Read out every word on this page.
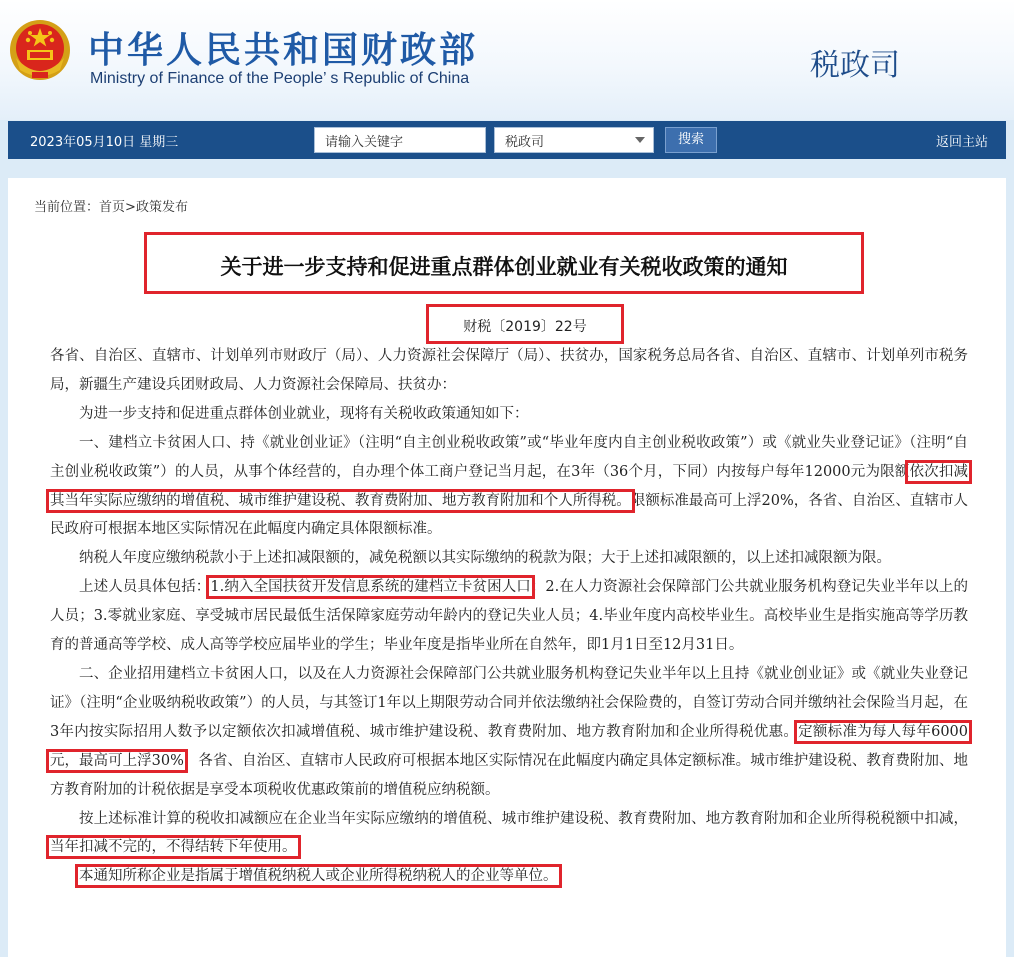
中华人民共和国财政部
Ministry of Finance of the People’ s Republic of China	税政司
2023年05月10日 星期三	请输入关键字	税政司	搜索	返回主站
当前位置：首页>政策发布
关于进一步支持和促进重点群体创业就业有关税收政策的通知
财税〔2019〕22号

各省、自治区、直辖市、计划单列市财政厅（局）、人力资源社会保障厅（局）、扶贫办，国家税务总局各省、自治区、直辖市、计划单列市税务局，新疆生产建设兵团财政局、人力资源社会保障局、扶贫办：

为进一步支持和促进重点群体创业就业，现将有关税收政策通知如下：

一、建档立卡贫困人口、持《就业创业证》（注明“自主创业税收政策”或“毕业年度内自主创业税收政策”）或《就业失业登记证》（注明“自主创业税收政策”）的人员，从事个体经营的，自办理个体工商户登记当月起，在3年（36个月，下同）内按每户每年12000元为限额依次扣减其当年实际应缴纳的增值税、城市维护建设税、教育费附加、地方教育附加和个人所得税。限额标准最高可上浮20%，各省、自治区、直辖市人民政府可根据本地区实际情况在此幅度内确定具体限额标准。

纳税人年度应缴纳税款小于上述扣减限额的，减免税额以其实际缴纳的税款为限；大于上述扣减限额的，以上述扣减限额为限。

上述人员具体包括：1.纳入全国扶贫开发信息系统的建档立卡贫困人口；2.在人力资源社会保障部门公共就业服务机构登记失业半年以上的人员；3.零就业家庭、享受城市居民最低生活保障家庭劳动年龄内的登记失业人员；4.毕业年度内高校毕业生。高校毕业生是指实施高等学历教育的普通高等学校、成人高等学校应届毕业的学生；毕业年度是指毕业所在自然年，即1月1日至12月31日。

二、企业招用建档立卡贫困人口，以及在人力资源社会保障部门公共就业服务机构登记失业半年以上且持《就业创业证》或《就业失业登记证》（注明“企业吸纳税收政策”）的人员，与其签订1年以上期限劳动合同并依法缴纳社会保险费的，自签订劳动合同并缴纳社会保险当月起，在3年内按实际招用人数予以定额依次扣减增值税、城市维护建设税、教育费附加、地方教育附加和企业所得税优惠。定额标准为每人每年6000元，最高可上浮30%，各省、自治区、直辖市人民政府可根据本地区实际情况在此幅度内确定具体定额标准。城市维护建设税、教育费附加、地方教育附加的计税依据是享受本项税收优惠政策前的增值税应纳税额。

按上述标准计算的税收扣减额应在企业当年实际应缴纳的增值税、城市维护建设税、教育费附加、地方教育附加和企业所得税税额中扣减，当年扣减不完的，不得结转下年使用。

本通知所称企业是指属于增值税纳税人或企业所得税纳税人的企业等单位。
